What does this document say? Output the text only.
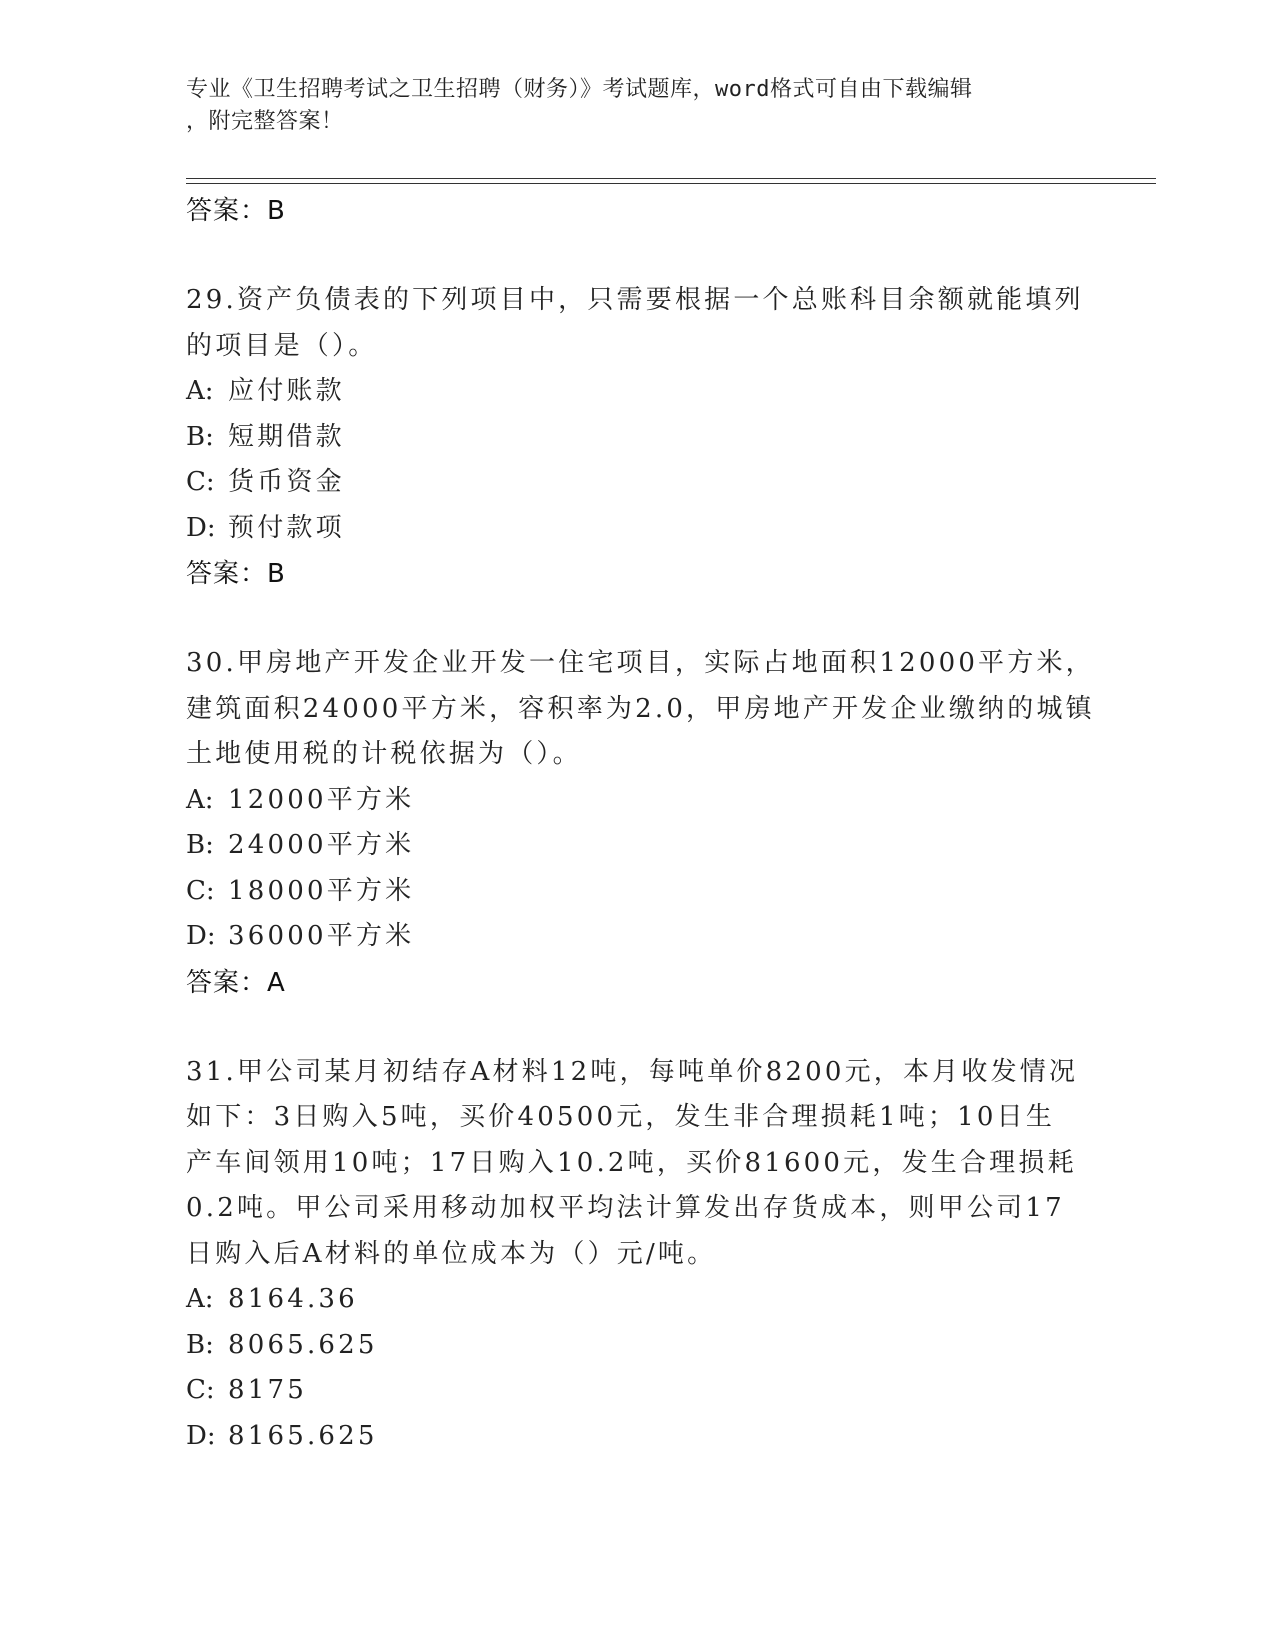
专业《卫生招聘考试之卫生招聘（财务）》考试题库，word格式可自由下载编辑
，附完整答案！

答案：B

29.资产负债表的下列项目中，只需要根据一个总账科目余额就能填列
的项目是（）。
A: 应付账款
B: 短期借款
C: 货币资金
D: 预付款项

答案：B

30.甲房地产开发企业开发一住宅项目，实际占地面积12000平方米，
建筑面积24000平方米，容积率为2.0，甲房地产开发企业缴纳的城镇
土地使用税的计税依据为（）。
A: 12000平方米
B: 24000平方米
C: 18000平方米
D: 36000平方米

答案：A

31.甲公司某月初结存A材料12吨，每吨单价8200元，本月收发情况
如下：3日购入5吨，买价40500元，发生非合理损耗1吨；10日生
产车间领用10吨；17日购入10.2吨，买价81600元，发生合理损耗
0.2吨。甲公司采用移动加权平均法计算发出存货成本，则甲公司17
日购入后A材料的单位成本为（）元/吨。
A: 8164.36
B: 8065.625
C: 8175
D: 8165.625
